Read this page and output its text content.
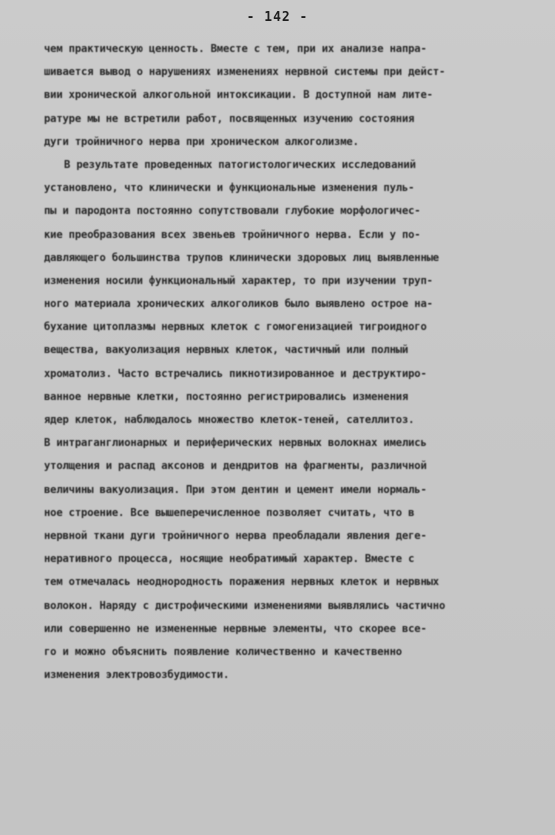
- 142 -
чем практическую ценность. Вместе с тем, при их анализе напра-
шивается вывод о нарушениях изменениях нервной системы при дейст-
вии хронической алкогольной интоксикации. В доступной нам лите-
ратуре мы не встретили работ, посвященных изучению состояния
дуги тройничного нерва при хроническом алкоголизме.
В результате проведенных патогистологических исследований
установлено, что клинически и функциональные изменения пуль-
пы и пародонта постоянно сопутствовали глубокие морфологичес-
кие преобразования всех звеньев тройничного нерва. Если у по-
давляющего большинства трупов клинически здоровых лиц выявленные
изменения носили функциональный характер, то при изучении труп-
ного материала хронических алкоголиков было выявлено острое на-
бухание цитоплазмы нервных клеток с гомогенизацией тигроидного
вещества, вакуолизация нервных клеток, частичный или полный
хроматолиз. Часто встречались пикнотизированное и деструктиро-
ванное нервные клетки, постоянно регистрировались изменения
ядер клеток, наблюдалось множество клеток-теней, сателлитоз.
В интраганглионарных и периферических нервных волокнах имелись
утолщения и распад аксонов и дендритов на фрагменты, различной
величины вакуолизация. При этом дентин и цемент имели нормаль-
ное строение. Все вышеперечисленное позволяет считать, что в
нервной ткани дуги тройничного нерва преобладали явления деге-
неративного процесса, носящие необратимый характер. Вместе с
тем отмечалась неоднородность поражения нервных клеток и нервных
волокон. Наряду с дистрофическими изменениями выявлялись частично
или совершенно не измененные нервные элементы, что скорее все-
го и можно объяснить появление количественно и качественно
изменения электровозбудимости.
